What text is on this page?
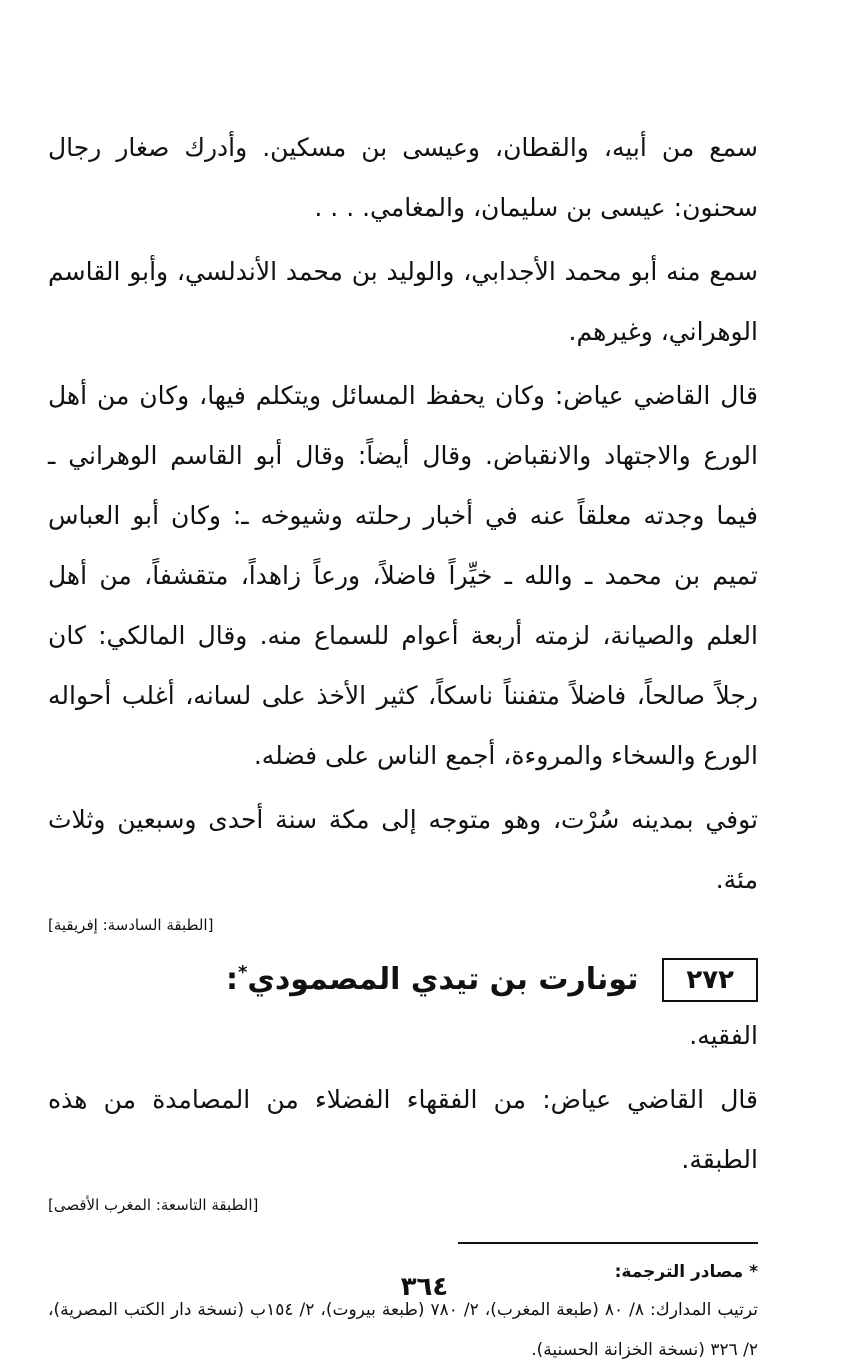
سمع من أبيه، والقطان، وعيسى بن مسكين. وأدرك صغار رجال سحنون: عيسى بن سليمان، والمغامي. . . .

سمع منه أبو محمد الأجدابي، والوليد بن محمد الأندلسي، وأبو القاسم الوهراني، وغيرهم.

قال القاضي عياض: وكان يحفظ المسائل ويتكلم فيها، وكان من أهل الورع والاجتهاد والانقباض. وقال أيضاً: وقال أبو القاسم الوهراني ـ فيما وجدته معلقاً عنه في أخبار رحلته وشيوخه ـ: وكان أبو العباس تميم بن محمد ـ والله ـ خيِّراً فاضلاً، ورعاً زاهداً، متقشفاً، من أهل العلم والصيانة، لزمته أربعة أعوام للسماع منه. وقال المالكي: كان رجلاً صالحاً، فاضلاً متفنناً ناسكاً، كثير الأخذ على لسانه، أغلب أحواله الورع والسخاء والمروءة، أجمع الناس على فضله.

توفي بمدينه سُرْت، وهو متوجه إلى مكة سنة أحدى وسبعين وثلاث مئة.

[الطبقة السادسة: إفريقية]
٢٧٢
تونارت بن تيدي المصمودي*:

الفقيه.

قال القاضي عياض: من الفقهاء الفضلاء من المصامدة من هذه الطبقة.

[الطبقة التاسعة: المغرب الأقصى]

* مصادر الترجمة:

ترتيب المدارك: ٨/ ٨٠ (طبعة المغرب)، ٢/ ٧٨٠ (طبعة بيروت)، ٢/ ١٥٤ب (نسخة دار الكتب المصرية)، ٢/ ٣٢٦ (نسخة الخزانة الحسنية).

٣٦٤
